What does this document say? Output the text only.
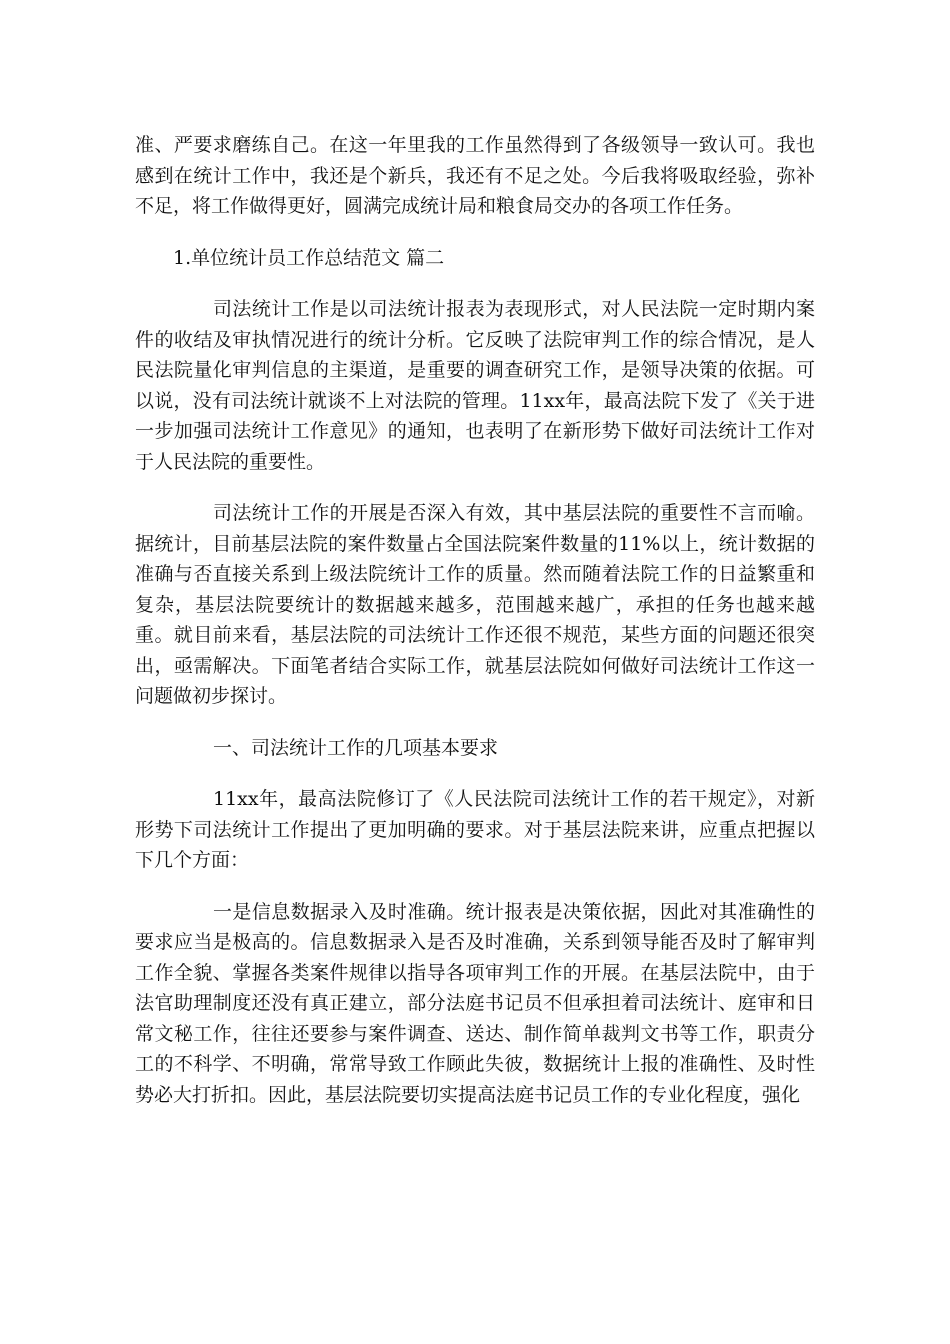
准、严要求磨练自己。在这一年里我的工作虽然得到了各级领导一致认可。我也感到在统计工作中，我还是个新兵，我还有不足之处。今后我将吸取经验，弥补不足，将工作做得更好，圆满完成统计局和粮食局交办的各项工作任务。

1.单位统计员工作总结范文 篇二

司法统计工作是以司法统计报表为表现形式，对人民法院一定时期内案件的收结及审执情况进行的统计分析。它反映了法院审判工作的综合情况，是人民法院量化审判信息的主渠道，是重要的调查研究工作，是领导决策的依据。可以说，没有司法统计就谈不上对法院的管理。11xx年，最高法院下发了《关于进一步加强司法统计工作意见》的通知，也表明了在新形势下做好司法统计工作对于人民法院的重要性。

司法统计工作的开展是否深入有效，其中基层法院的重要性不言而喻。据统计，目前基层法院的案件数量占全国法院案件数量的11%以上，统计数据的准确与否直接关系到上级法院统计工作的质量。然而随着法院工作的日益繁重和复杂，基层法院要统计的数据越来越多，范围越来越广，承担的任务也越来越重。就目前来看，基层法院的司法统计工作还很不规范，某些方面的问题还很突出，亟需解决。下面笔者结合实际工作，就基层法院如何做好司法统计工作这一问题做初步探讨。

一、司法统计工作的几项基本要求

11xx年，最高法院修订了《人民法院司法统计工作的若干规定》，对新形势下司法统计工作提出了更加明确的要求。对于基层法院来讲，应重点把握以下几个方面：

一是信息数据录入及时准确。统计报表是决策依据，因此对其准确性的要求应当是极高的。信息数据录入是否及时准确，关系到领导能否及时了解审判工作全貌、掌握各类案件规律以指导各项审判工作的开展。在基层法院中，由于法官助理制度还没有真正建立，部分法庭书记员不但承担着司法统计、庭审和日常文秘工作，往往还要参与案件调查、送达、制作简单裁判文书等工作，职责分工的不科学、不明确，常常导致工作顾此失彼，数据统计上报的准确性、及时性势必大打折扣。因此，基层法院要切实提高法庭书记员工作的专业化程度，强化
